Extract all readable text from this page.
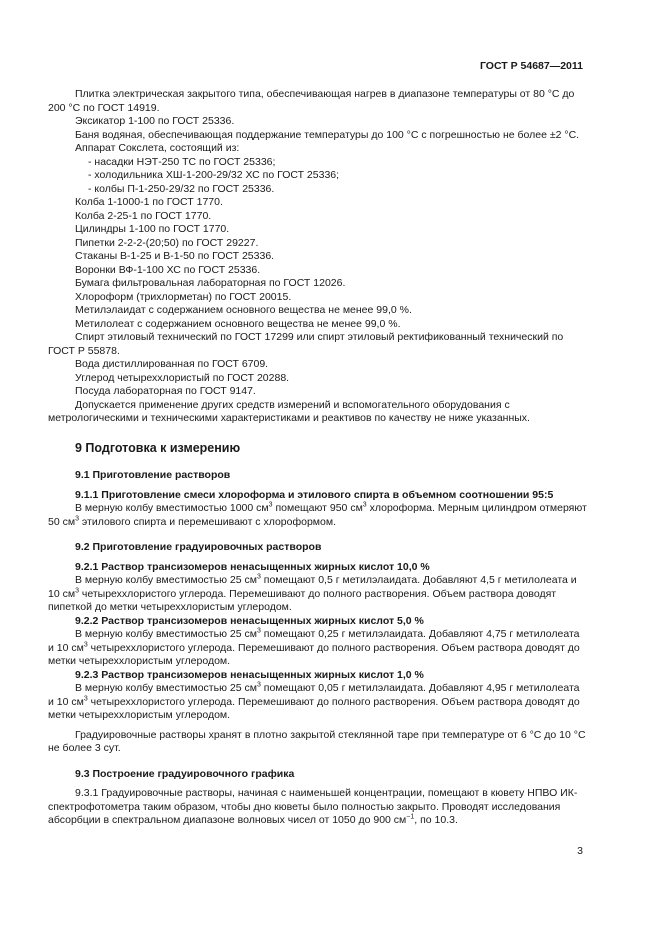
ГОСТ Р 54687—2011

Плитка электрическая закрытого типа, обеспечивающая нагрев в диапазоне температуры от 80 °С до 200 °С по ГОСТ 14919.

Эксикатор 1-100 по ГОСТ 25336.

Баня водяная, обеспечивающая поддержание температуры до 100 °С с погрешностью не более ±2 °С.

Аппарат Сокслета, состоящий из:

- насадки НЭТ-250 ТС по ГОСТ 25336;

- холодильника ХШ-1-200-29/32 ХС по ГОСТ 25336;

- колбы П-1-250-29/32 по ГОСТ 25336.

Колба 1-1000-1 по ГОСТ 1770.

Колба 2-25-1 по ГОСТ 1770.

Цилиндры 1-100 по ГОСТ 1770.

Пипетки 2-2-2-(20;50) по ГОСТ 29227.

Стаканы В-1-25 и В-1-50 по ГОСТ 25336.

Воронки ВФ-1-100 ХС по ГОСТ 25336.

Бумага фильтровальная лабораторная по ГОСТ 12026.

Хлороформ (трихлорметан) по ГОСТ 20015.

Метилэлаидат с содержанием основного вещества не менее 99,0 %.

Метилолеат с содержанием основного вещества не менее 99,0 %.

Спирт этиловый технический по ГОСТ 17299 или спирт этиловый ректификованный технический по ГОСТ Р 55878.

Вода дистиллированная по ГОСТ 6709.

Углерод четыреххлористый по ГОСТ 20288.

Посуда лабораторная по ГОСТ 9147.

Допускается применение других средств измерений и вспомогательного оборудования с метрологическими и техническими характеристиками и реактивов по качеству не ниже указанных.

9 Подготовка к измерению

9.1 Приготовление растворов

9.1.1 Приготовление смеси хлороформа и этилового спирта в объемном соотношении 95:5

В мерную колбу вместимостью 1000 $см^3$ помещают 950 $см^3$ хлороформа. Мерным цилиндром отмеряют 50 $см^3$ этилового спирта и перемешивают с хлороформом.

9.2 Приготовление градуировочных растворов

9.2.1 Раствор трансизомеров ненасыщенных жирных кислот 10,0 %

В мерную колбу вместимостью 25 $см^3$ помещают 0,5 г метилэлаидата. Добавляют 4,5 г метилолеата и 10 $см^3$ четыреххлористого углерода. Перемешивают до полного растворения. Объем раствора доводят пипеткой до метки четыреххлористым углеродом.

9.2.2 Раствор трансизомеров ненасыщенных жирных кислот 5,0 %

В мерную колбу вместимостью 25 $см^3$ помещают 0,25 г метилэлаидата. Добавляют 4,75 г метилолеата и 10 $см^3$ четыреххлористого углерода. Перемешивают до полного растворения. Объем раствора доводят до метки четыреххлористым углеродом.

9.2.3 Раствор трансизомеров ненасыщенных жирных кислот 1,0 %

В мерную колбу вместимостью 25 $см^3$ помещают 0,05 г метилэлаидата. Добавляют 4,95 г метилолеата и 10 $см^3$ четыреххлористого углерода. Перемешивают до полного растворения. Объем раствора доводят до метки четыреххлористым углеродом.

Градуировочные растворы хранят в плотно закрытой стеклянной таре при температуре от 6 °С до 10 °С не более 3 сут.

9.3 Построение градуировочного графика

9.3.1 Градуировочные растворы, начиная с наименьшей концентрации, помещают в кювету НПВО ИК-спектрофотометра таким образом, чтобы дно кюветы было полностью закрыто. Проводят исследования абсорбции в спектральном диапазоне волновых чисел от 1050 до 900 $см^{-1}$, по 10.3.

3
